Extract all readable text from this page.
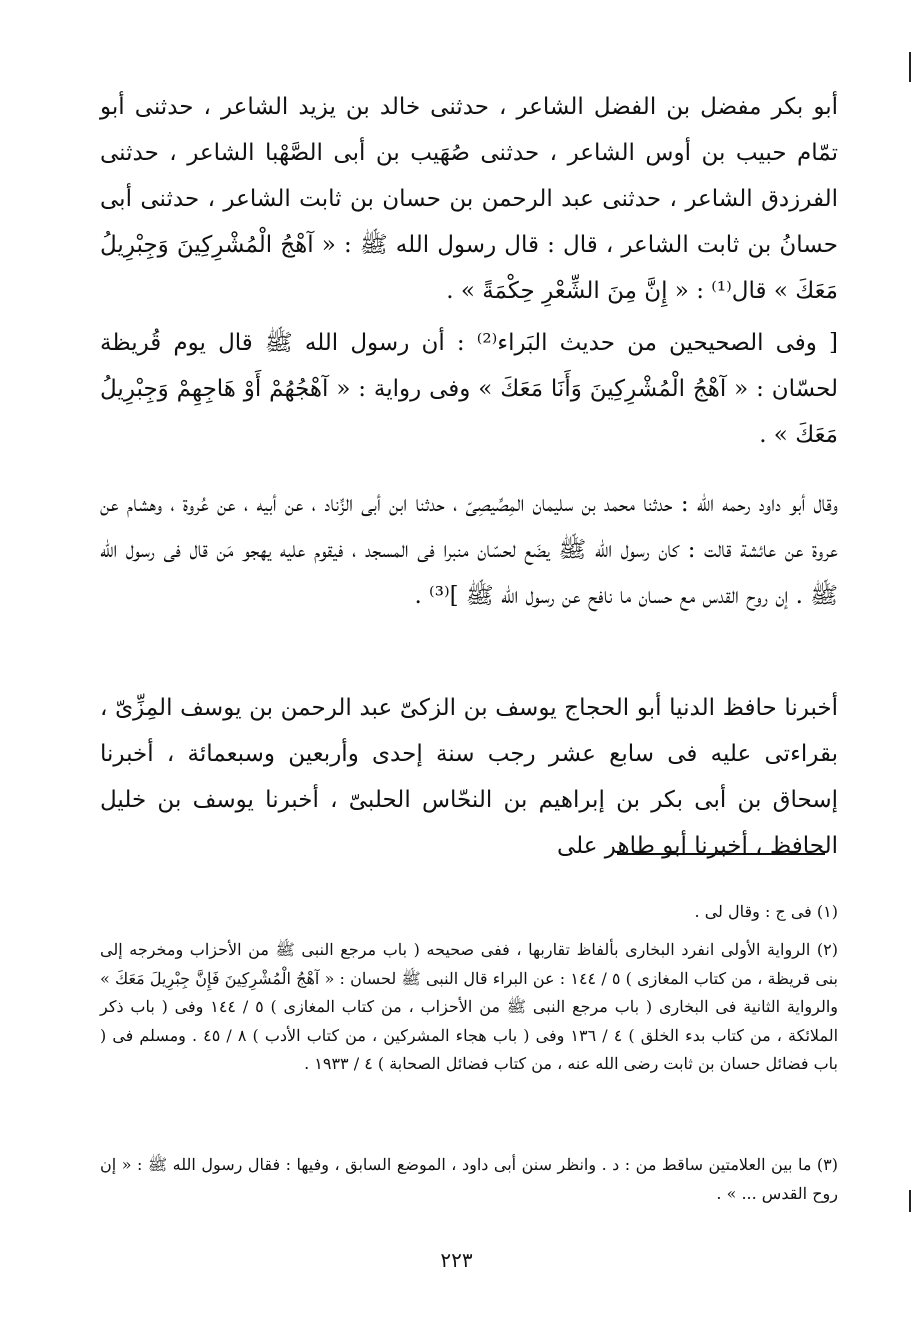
أبو بكر مفضل بن الفضل الشاعر ، حدثنى خالد بن يزيد الشاعر ، حدثنى أبو تمّام حبيب بن أوس الشاعر ، حدثنى صُهَيب بن أبى الصَّهْبا الشاعر ، حدثنى الفرزدق الشاعر ، حدثنى عبد الرحمن بن حسان بن ثابت الشاعر ، حدثنى أبى حسانُ بن ثابت الشاعر ، قال : قال رسول الله ﷺ : « آهْجُ الْمُشْرِكِينَ وَجِبْرِيلُ مَعَكَ » قال⁽¹⁾ : « إِنَّ مِنَ الشِّعْرِ حِكْمَةً » .

[ وفى الصحيحين من حديث البَراء⁽²⁾ : أن رسول الله ﷺ قال يوم قُريظة لحسّان : « آهْجُ الْمُشْرِكِينَ وَأَنَا مَعَكَ » وفى رواية : « آهْجُهُمْ أَوْ هَاجِهِمْ وَجِبْرِيلُ مَعَكَ » .

وقال أبو داود رحمه الله : حدثنا محمد بن سليمان المِصِّيصِىّ ، حدثنا ابن أبى الزِّناد ، عن أبيه ، عن عُروة ، وهشام عن عروة عن عائشة قالت : كان رسول الله ﷺ يضَع لحسّان منبرا فى المسجد ، فيقوم عليه يهجو مَن قال فى رسول الله ﷺ . إن روح القدس مع حسان ما نافح عن رسول الله ﷺ ]⁽³⁾ .

أخبرنا حافظ الدنيا أبو الحجاج يوسف بن الزكىّ عبد الرحمن بن يوسف المِزِّىّ ، بقراءتى عليه فى سابع عشر رجب سنة إحدى وأربعين وسبعمائة ، أخبرنا إسحاق بن أبى بكر بن إبراهيم بن النحّاس الحلبىّ ، أخبرنا يوسف بن خليل الحافظ ، أخبرنا أبو طاهر على

(١) فى ج : وقال لى .

(٢) الرواية الأولى انفرد البخارى بألفاظ تقاربها ، ففى صحيحه ( باب مرجع النبى ﷺ من الأحزاب ومخرجه إلى بنى قريظة ، من كتاب المغازى ) ٥ / ١٤٤ : عن البراء قال النبى ﷺ لحسان : « آهْجُ الْمُشْرِكِينَ فَإِنَّ جِبْرِيلَ مَعَكَ » والرواية الثانية فى البخارى ( باب مرجع النبى ﷺ من الأحزاب ، من كتاب المغازى ) ٥ / ١٤٤ وفى ( باب ذكر الملائكة ، من كتاب بدء الخلق ) ٤ / ١٣٦ وفى ( باب هجاء المشركين ، من كتاب الأدب ) ٨ / ٤٥ . ومسلم فى ( باب فضائل حسان بن ثابت رضى الله عنه ، من كتاب فضائل الصحابة ) ٤ / ١٩٣٣ .

(٣) ما بين العلامتين ساقط من : د . وانظر سنن أبى داود ، الموضع السابق ، وفيها : فقال رسول الله ﷺ : « إن روح القدس ... » .

٢٢٣
